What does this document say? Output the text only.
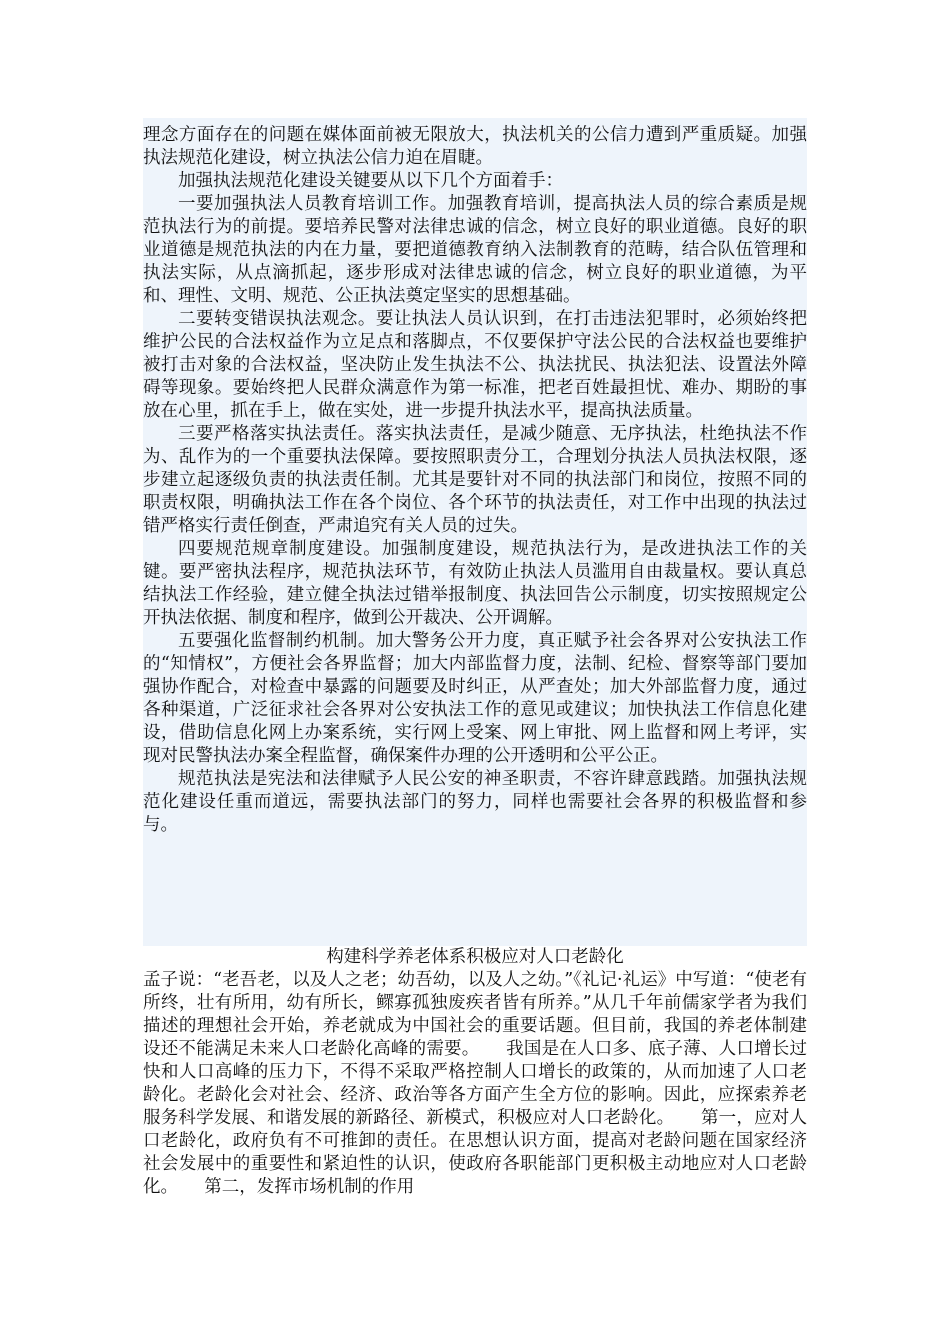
理念方面存在的问题在媒体面前被无限放大，执法机关的公信力遭到严重质疑。加强执法规范化建设，树立执法公信力迫在眉睫。

加强执法规范化建设关键要从以下几个方面着手：

一要加强执法人员教育培训工作。加强教育培训，提高执法人员的综合素质是规范执法行为的前提。要培养民警对法律忠诚的信念，树立良好的职业道德。良好的职业道德是规范执法的内在力量，要把道德教育纳入法制教育的范畴，结合队伍管理和执法实际，从点滴抓起，逐步形成对法律忠诚的信念，树立良好的职业道德，为平和、理性、文明、规范、公正执法奠定坚实的思想基础。

二要转变错误执法观念。要让执法人员认识到，在打击违法犯罪时，必须始终把维护公民的合法权益作为立足点和落脚点，不仅要保护守法公民的合法权益也要维护被打击对象的合法权益，坚决防止发生执法不公、执法扰民、执法犯法、设置法外障碍等现象。要始终把人民群众满意作为第一标准，把老百姓最担忧、难办、期盼的事放在心里，抓在手上，做在实处，进一步提升执法水平，提高执法质量。

三要严格落实执法责任。落实执法责任，是减少随意、无序执法，杜绝执法不作为、乱作为的一个重要执法保障。要按照职责分工，合理划分执法人员执法权限，逐步建立起逐级负责的执法责任制。尤其是要针对不同的执法部门和岗位，按照不同的职责权限，明确执法工作在各个岗位、各个环节的执法责任，对工作中出现的执法过错严格实行责任倒查，严肃追究有关人员的过失。

四要规范规章制度建设。加强制度建设，规范执法行为，是改进执法工作的关键。要严密执法程序，规范执法环节，有效防止执法人员滥用自由裁量权。要认真总结执法工作经验，建立健全执法过错举报制度、执法回告公示制度，切实按照规定公开执法依据、制度和程序，做到公开裁决、公开调解。

五要强化监督制约机制。加大警务公开力度，真正赋予社会各界对公安执法工作的“知情权”，方便社会各界监督；加大内部监督力度，法制、纪检、督察等部门要加强协作配合，对检查中暴露的问题要及时纠正，从严查处；加大外部监督力度，通过各种渠道，广泛征求社会各界对公安执法工作的意见或建议；加快执法工作信息化建设，借助信息化网上办案系统，实行网上受案、网上审批、网上监督和网上考评，实现对民警执法办案全程监督，确保案件办理的公开透明和公平公正。

规范执法是宪法和法律赋予人民公安的神圣职责，不容许肆意践踏。加强执法规范化建设任重而道远，需要执法部门的努力，同样也需要社会各界的积极监督和参与。

构建科学养老体系积极应对人口老龄化

孟子说：“老吾老，以及人之老；幼吾幼，以及人之幼。”《礼记·礼运》中写道：“使老有所终，壮有所用，幼有所长，鳏寡孤独废疾者皆有所养。”从几千年前儒家学者为我们描述的理想社会开始，养老就成为中国社会的重要话题。但目前，我国的养老体制建设还不能满足未来人口老龄化高峰的需要。　　我国是在人口多、底子薄、人口增长过快和人口高峰的压力下，不得不采取严格控制人口增长的政策的，从而加速了人口老龄化。老龄化会对社会、经济、政治等各方面产生全方位的影响。因此，应探索养老服务科学发展、和谐发展的新路径、新模式，积极应对人口老龄化。　　第一，应对人口老龄化，政府负有不可推卸的责任。在思想认识方面，提高对老龄问题在国家经济社会发展中的重要性和紧迫性的认识，使政府各职能部门更积极主动地应对人口老龄化。　　第二，发挥市场机制的作用
